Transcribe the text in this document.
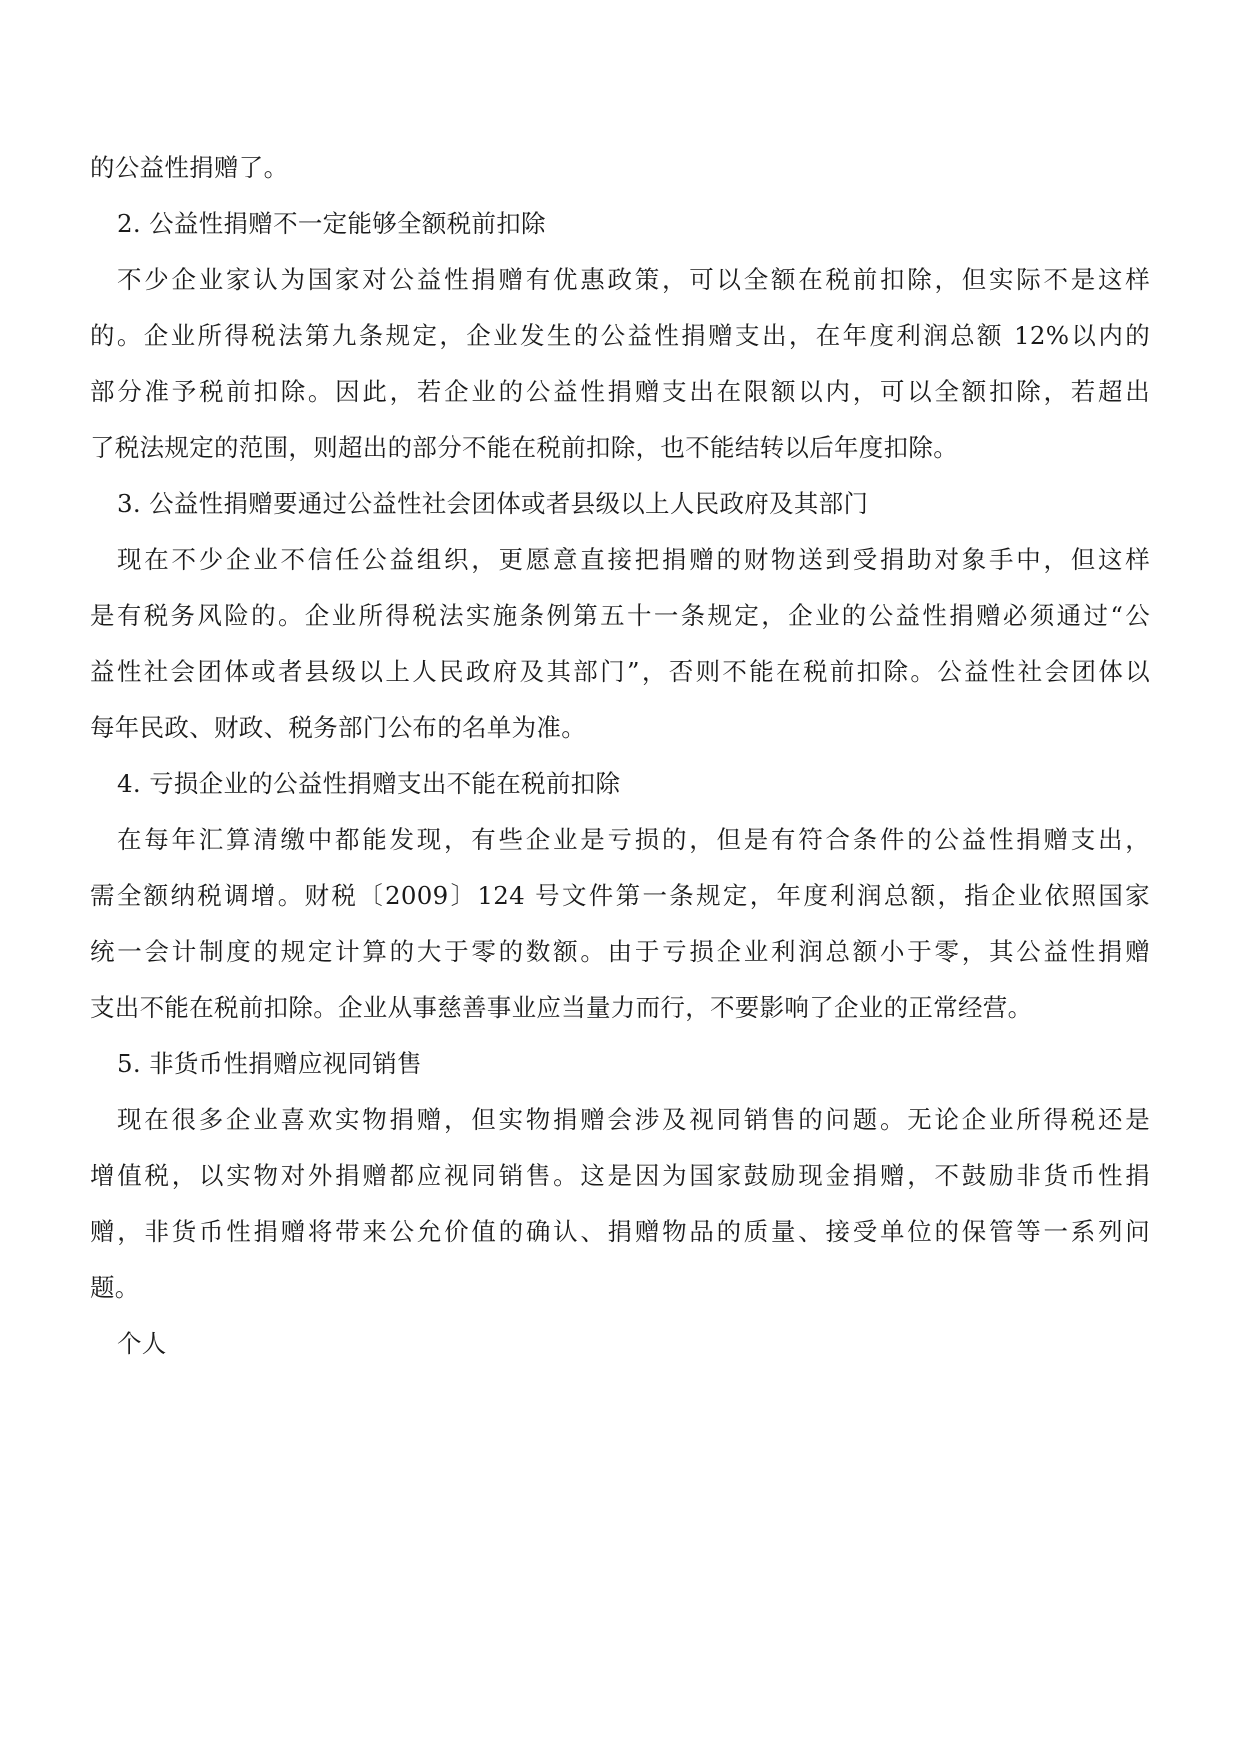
的公益性捐赠了。
2. 公益性捐赠不一定能够全额税前扣除
不少企业家认为国家对公益性捐赠有优惠政策，可以全额在税前扣除，但实际不是这样
的。企业所得税法第九条规定，企业发生的公益性捐赠支出，在年度利润总额 12%以内的
部分准予税前扣除。因此，若企业的公益性捐赠支出在限额以内，可以全额扣除，若超出
了税法规定的范围，则超出的部分不能在税前扣除，也不能结转以后年度扣除。
3. 公益性捐赠要通过公益性社会团体或者县级以上人民政府及其部门
现在不少企业不信任公益组织，更愿意直接把捐赠的财物送到受捐助对象手中，但这样
是有税务风险的。企业所得税法实施条例第五十一条规定，企业的公益性捐赠必须通过“公
益性社会团体或者县级以上人民政府及其部门”，否则不能在税前扣除。公益性社会团体以
每年民政、财政、税务部门公布的名单为准。
4. 亏损企业的公益性捐赠支出不能在税前扣除
在每年汇算清缴中都能发现，有些企业是亏损的，但是有符合条件的公益性捐赠支出，
需全额纳税调增。财税〔2009〕124 号文件第一条规定，年度利润总额，指企业依照国家
统一会计制度的规定计算的大于零的数额。由于亏损企业利润总额小于零，其公益性捐赠
支出不能在税前扣除。企业从事慈善事业应当量力而行，不要影响了企业的正常经营。
5. 非货币性捐赠应视同销售
现在很多企业喜欢实物捐赠，但实物捐赠会涉及视同销售的问题。无论企业所得税还是
增值税，以实物对外捐赠都应视同销售。这是因为国家鼓励现金捐赠，不鼓励非货币性捐
赠，非货币性捐赠将带来公允价值的确认、捐赠物品的质量、接受单位的保管等一系列问
题。
个人
